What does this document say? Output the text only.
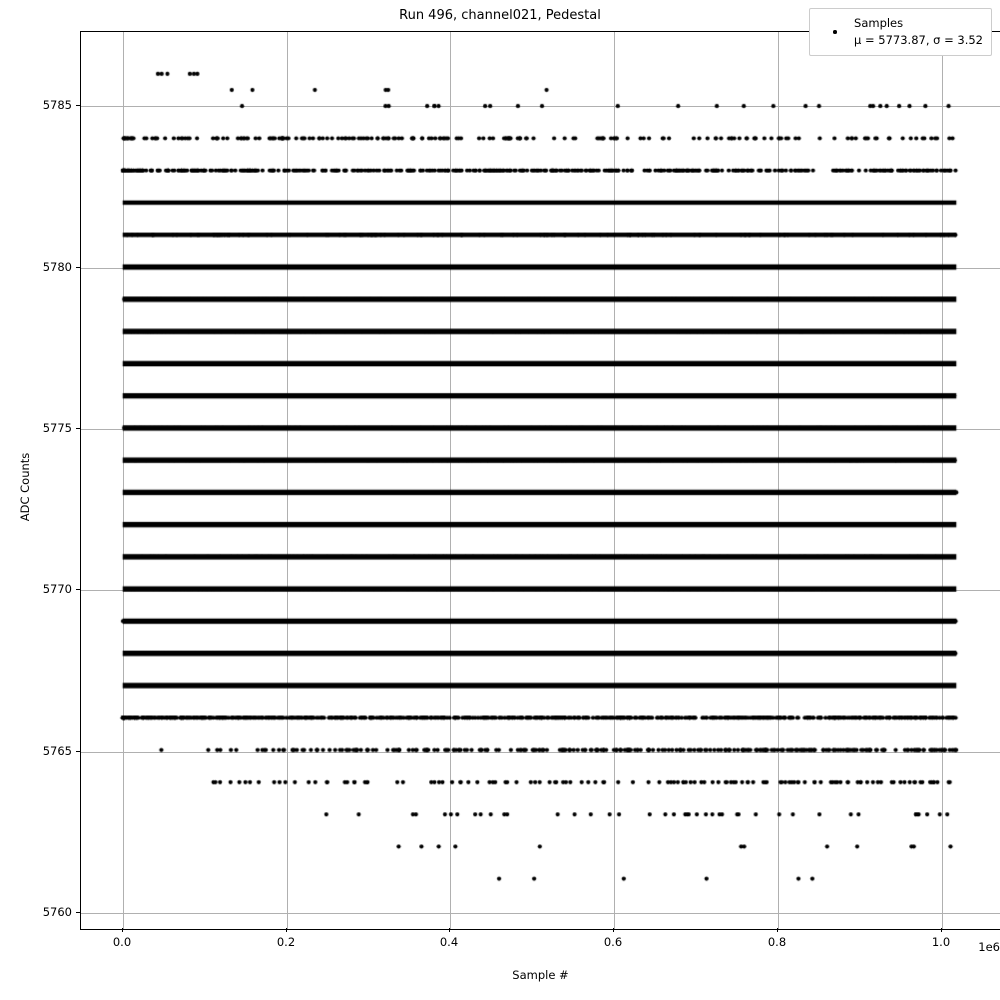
Run 496, channel021, Pedestal
0.0	0.2	0.4	0.6	0.8	1.0
5760
5765
5770
5775
5780
5785
Sample #
ADC Counts
1e6
Samples
μ = 5773.87, σ = 3.52
